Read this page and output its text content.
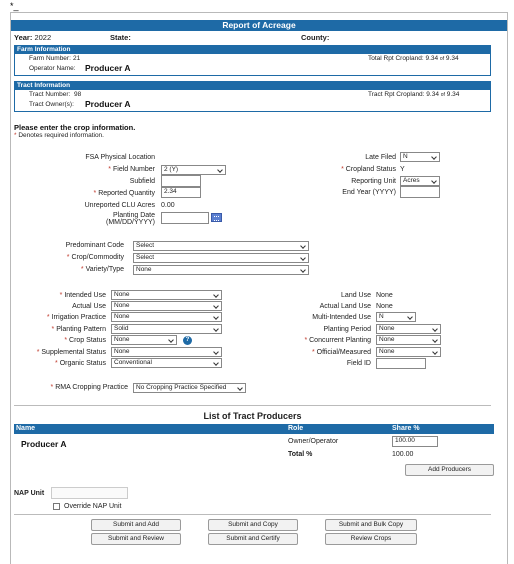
*_
Report of Acreage
Year: 2022	State:	County:
Farm Information
Farm Number: 21	Total Rpt Cropland: 9.34 of 9.34
Operator Name: Producer A
Tract Information
Tract Number: 98	Tract Rpt Cropland: 9.34 of 9.34
Tract Owner(s): Producer A
Please enter the crop information.
* Denotes required information.
FSA Physical Location
* Field Number	2 (Y)
Subfield
* Reported Quantity	2.34
Unreported CLU Acres 0.00
Planting Date
(MM/DD/YYYY)
Late Filed	N
* Cropland Status Y
Reporting Unit	Acres
End Year (YYYY)
Predominant Code	Select
* Crop/Commodity	Select
* Variety/Type	None
* Intended Use	None
Actual Use	None
* Irrigation Practice	None
* Planting Pattern	Solid
* Crop Status	None	?
* Supplemental Status	None
* Organic Status	Conventional
Land Use None
Actual Land Use None
Multi-Intended Use	N
Planting Period	None
* Concurrent Planting	None
* Official/Measured	None
Field ID
* RMA Cropping Practice	No Cropping Practice Specified
List of Tract Producers
Name	Role	Share %
Producer A	Owner/Operator	100.00
Total %	100.00
Add Producers
NAP Unit
Override NAP Unit
Submit and Add	Submit and Copy	Submit and Bulk Copy
Submit and Review	Submit and Certify	Review Crops
